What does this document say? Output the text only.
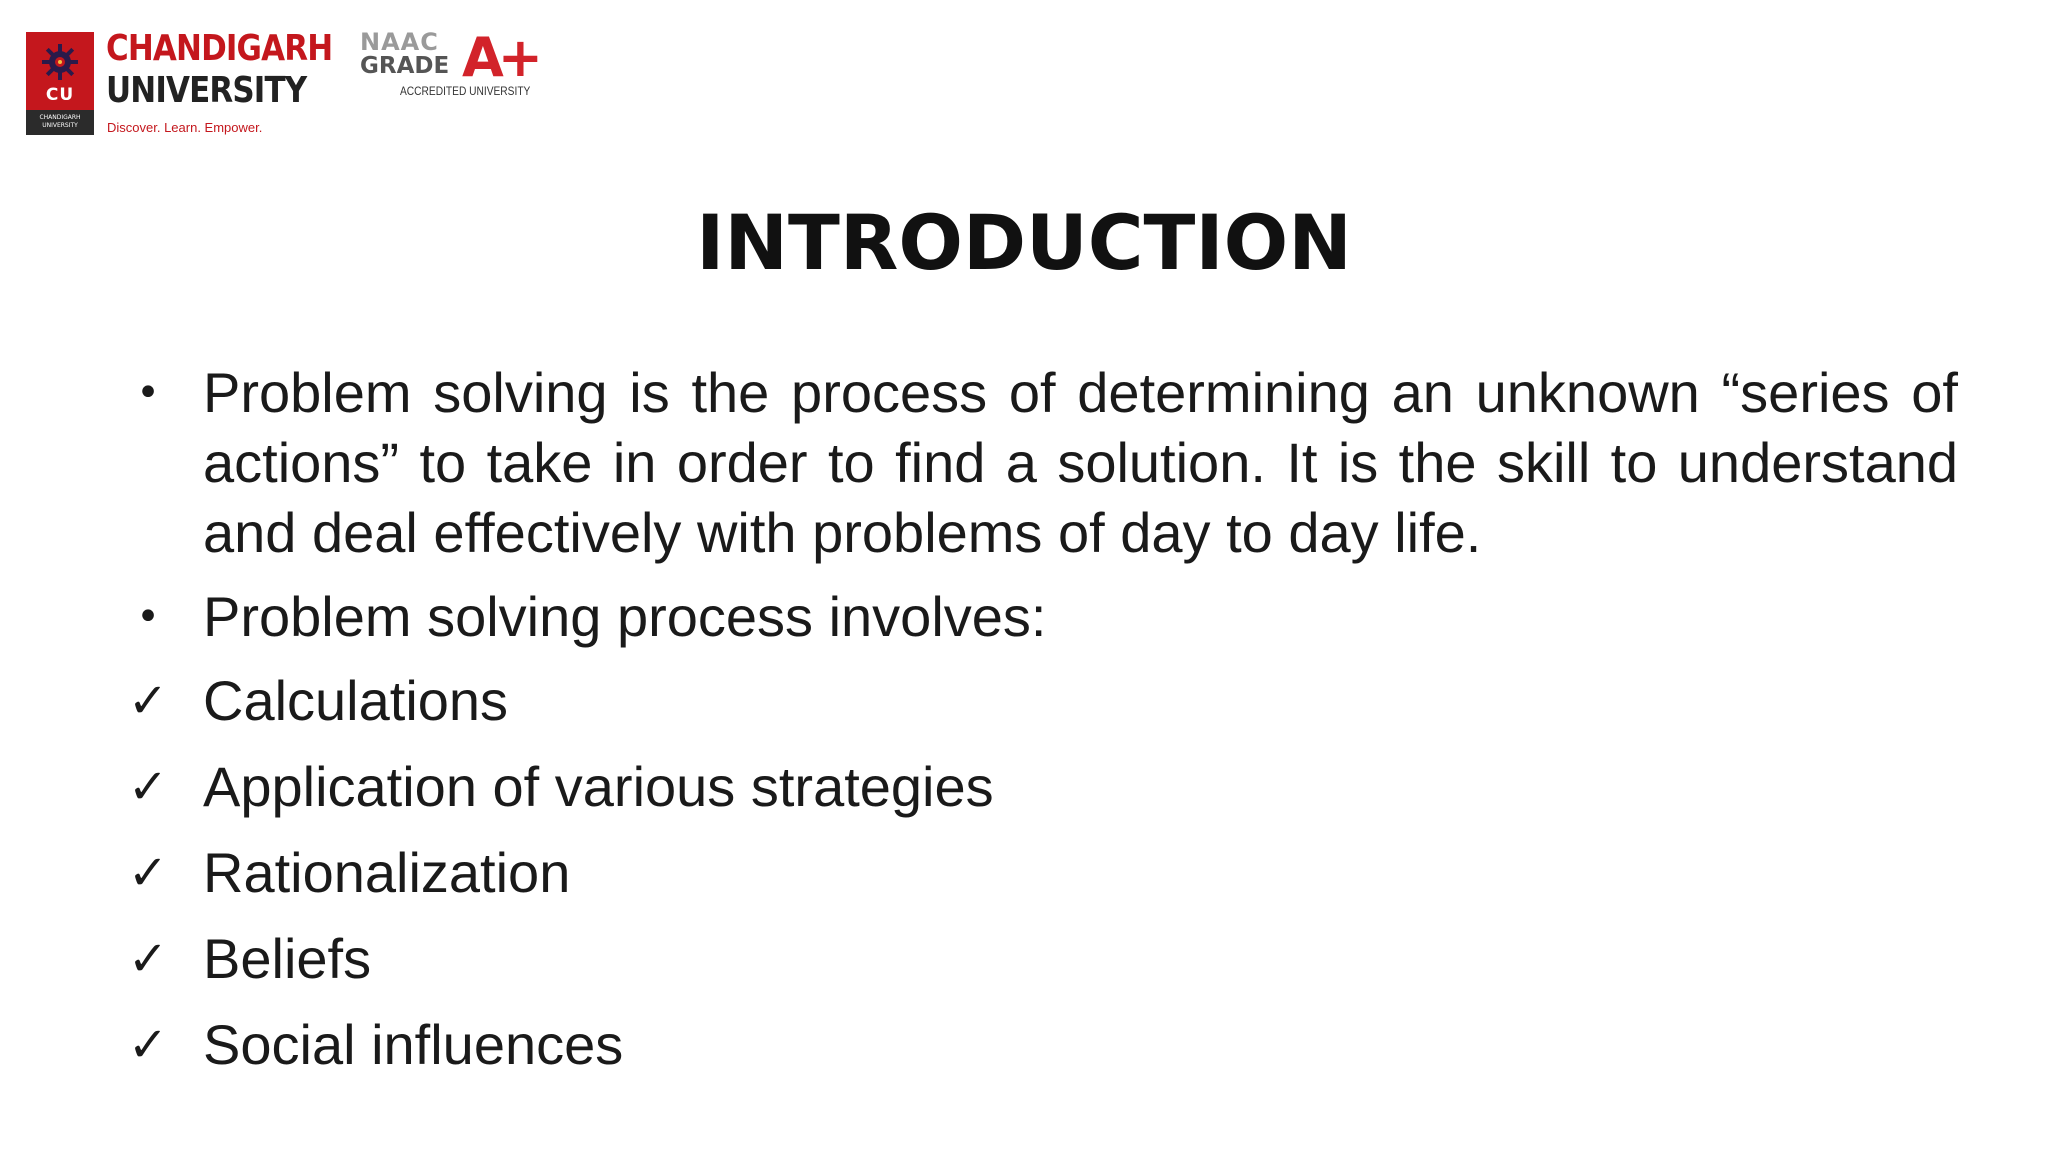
CU
CHANDIGARH UNIVERSITY
CHANDIGARH
UNIVERSITY
Discover. Learn. Empower.
NAAC
GRADE A+
ACCREDITED UNIVERSITY
INTRODUCTION
• Problem solving is the process of determining an unknown “series of actions” to take in order to find a solution. It is the skill to understand and deal effectively with problems of day to day life.
• Problem solving process involves:
✓ Calculations
✓ Application of various strategies
✓ Rationalization
✓ Beliefs
✓ Social influences
